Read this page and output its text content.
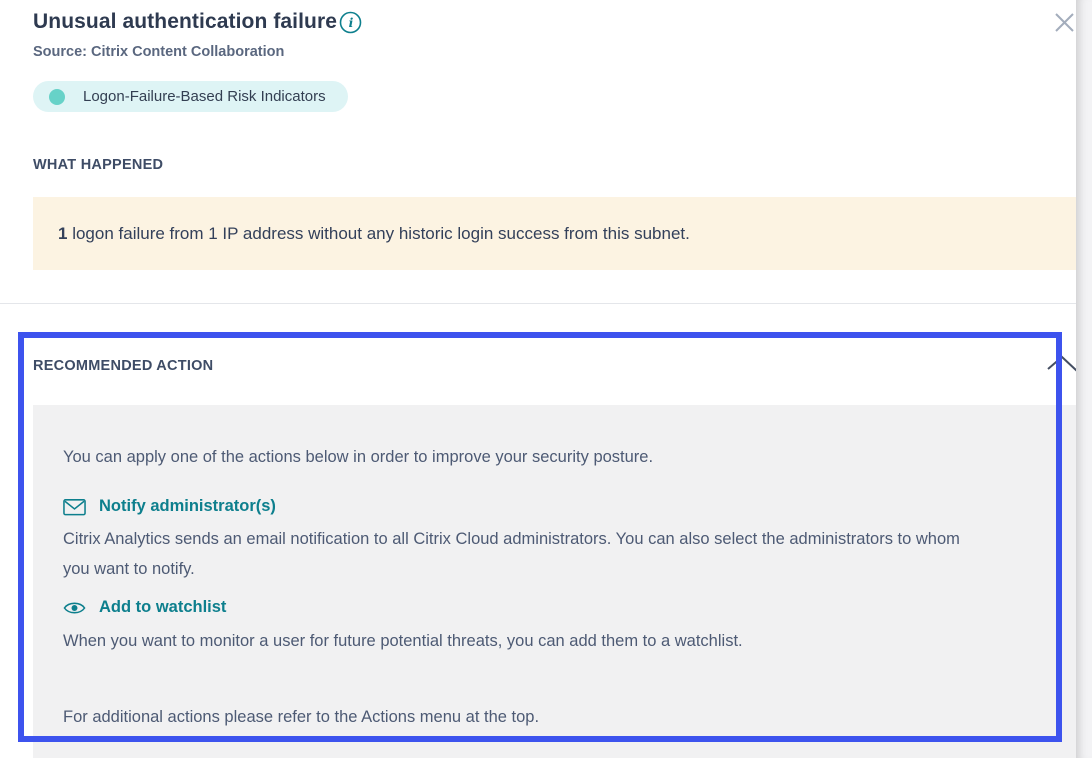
Unusual authentication failure i
Source: Citrix Content Collaboration
Logon-Failure-Based Risk Indicators
WHAT HAPPENED
1 logon failure from 1 IP address without any historic login success from this subnet.
RECOMMENDED ACTION
You can apply one of the actions below in order to improve your security posture.
Notify administrator(s)
Citrix Analytics sends an email notification to all Citrix Cloud administrators. You can also select the administrators to whom
you want to notify.
Add to watchlist
When you want to monitor a user for future potential threats, you can add them to a watchlist.
For additional actions please refer to the Actions menu at the top.
